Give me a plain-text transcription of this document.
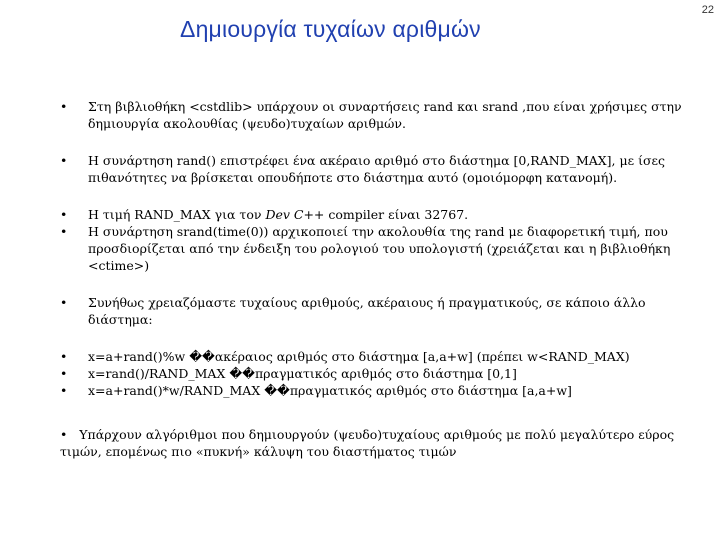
22
Δημιουργία τυχαίων αριθμών
• Στη βιβλιοθήκη <cstdlib> υπάρχουν οι συναρτήσεις rand και srand ,που είναι χρήσιμες στην δημιουργία ακολουθίας (ψευδο)τυχαίων αριθμών.
• Η συνάρτηση rand() επιστρέφει ένα ακέραιο αριθμό στο διάστημα [0,RAND_MAX], με ίσες πιθανότητες να βρίσκεται οπουδήποτε στο διάστημα αυτό (ομοιόμορφη κατανομή).
• Η τιμή RAND_MAX για τον Dev C++ compiler είναι 32767.
• Η συνάρτηση srand(time(0)) αρχικοποιεί την ακολουθία της rand με διαφορετική τιμή, που προσδιορίζεται από την ένδειξη του ρολογιού του υπολογιστή (χρειάζεται και η βιβλιοθήκη <ctime>)
• Συνήθως χρειαζόμαστε τυχαίους αριθμούς, ακέραιους ή πραγματικούς, σε κάποιο άλλο διάστημα:
• x=a+rand()%w ��ακέραιος αριθμός στο διάστημα [a,a+w] (πρέπει w<RAND_MAX)
• x=rand()/RAND_MAX ��πραγματικός αριθμός στο διάστημα [0,1]
• x=a+rand()*w/RAND_MAX ��πραγματικός αριθμός στο διάστημα [a,a+w]
• Υπάρχουν αλγόριθμοι που δημιουργούν (ψευδο)τυχαίους αριθμούς με πολύ μεγαλύτερο εύρος τιμών, επομένως πιο «πυκνή» κάλυψη του διαστήματος τιμών
